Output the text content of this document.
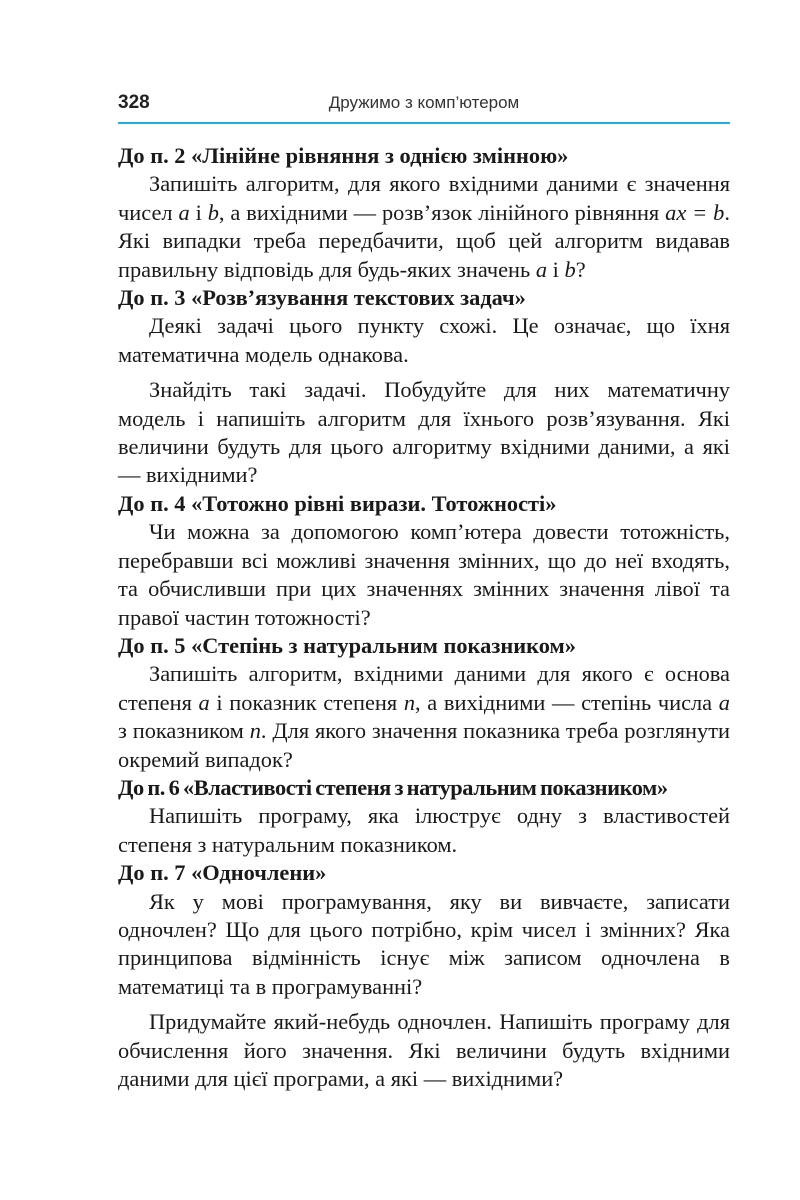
328	Дружимо з комп’ютером
До п. 2 «Лінійне рівняння з однією змінною»

Запишіть алгоритм, для якого вхідними даними є значення чисел a і b, а вихідними — розв’язок лінійного рівняння ax = b. Які випадки треба передбачити, щоб цей алгоритм видавав правильну відповідь для будь-яких значень a і b?

До п. 3 «Розв’язування текстових задач»

Деякі задачі цього пункту схожі. Це означає, що їхня математична модель однакова.

Знайдіть такі задачі. Побудуйте для них математичну модель і напишіть алгоритм для їхнього розв’язування. Які величини будуть для цього алгоритму вхідними даними, а які — вихідними?

До п. 4 «Тотожно рівні вирази. Тотожності»

Чи можна за допомогою комп’ютера довести тотожність, перебравши всі можливі значення змінних, що до неї входять, та обчисливши при цих значеннях змінних значення лівої та правої частин тотожності?

До п. 5 «Степінь з натуральним показником»

Запишіть алгоритм, вхідними даними для якого є основа степеня a і показник степеня n, а вихідними — степінь числа a з показником n. Для якого значення показника треба розглянути окремий випадок?

До п. 6 «Властивості степеня з натуральним показником»

Напишіть програму, яка ілюструє одну з властивостей степеня з натуральним показником.

До п. 7 «Одночлени»

Як у мові програмування, яку ви вивчаєте, записати одночлен? Що для цього потрібно, крім чисел і змінних? Яка принципова відмінність існує між записом одночлена в математиці та в програмуванні?

Придумайте який-небудь одночлен. Напишіть програму для обчислення його значення. Які величини будуть вхідними даними для цієї програми, а які — вихідними?
